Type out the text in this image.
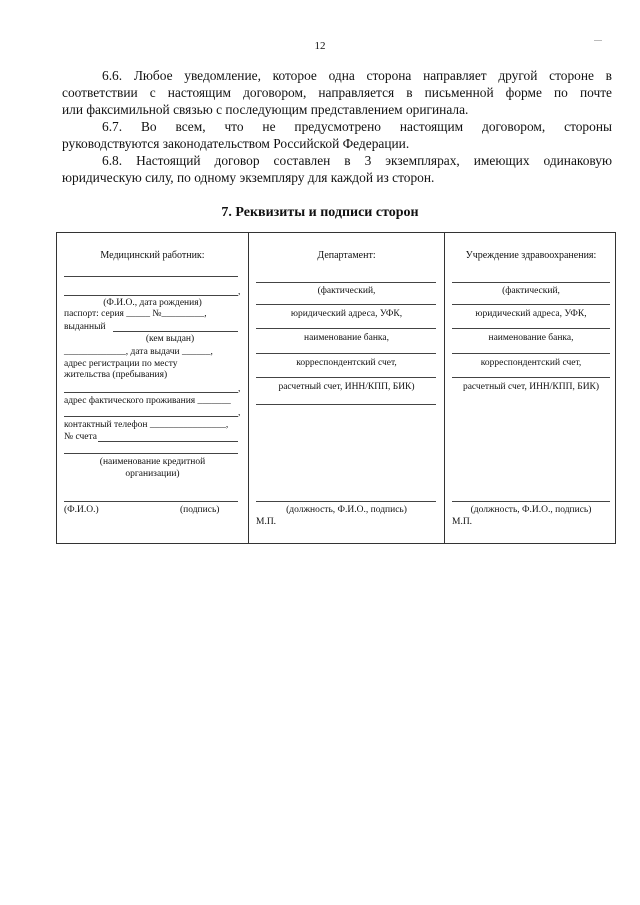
12
6.6. Любое уведомление, которое одна сторона направляет другой стороне в
соответствии с настоящим договором, направляется в письменной форме по почте
или факсимильной связью с последующим представлением оригинала.
6.7. Во всем, что не предусмотрено настоящим договором, стороны
руководствуются законодательством Российской Федерации.
6.8. Настоящий договор составлен в 3 экземплярах, имеющих одинаковую
юридическую силу, по одному экземпляру для каждой из сторон.
7. Реквизиты и подписи сторон
Медицинский работник:
,
(Ф.И.О., дата рождения)
паспорт: серия _____ №_________,
выданный
(кем выдан)
_____________, дата выдачи ______,
адрес регистрации по месту
жительства (пребывания)
,
адрес фактического проживания _______
,
контактный телефон ________________,
№ счета
(наименование кредитной
организации)
(Ф.И.О.)	(подпись)
Департамент:
(фактический,
юридический адреса, УФК,
наименование банка,
корреспондентский счет,
расчетный счет, ИНН/КПП, БИК)
(должность, Ф.И.О., подпись)
М.П.
Учреждение здравоохранения:
(фактический,
юридический адреса, УФК,
наименование банка,
корреспондентский счет,
расчетный счет, ИНН/КПП, БИК)
(должность, Ф.И.О., подпись)
М.П.
